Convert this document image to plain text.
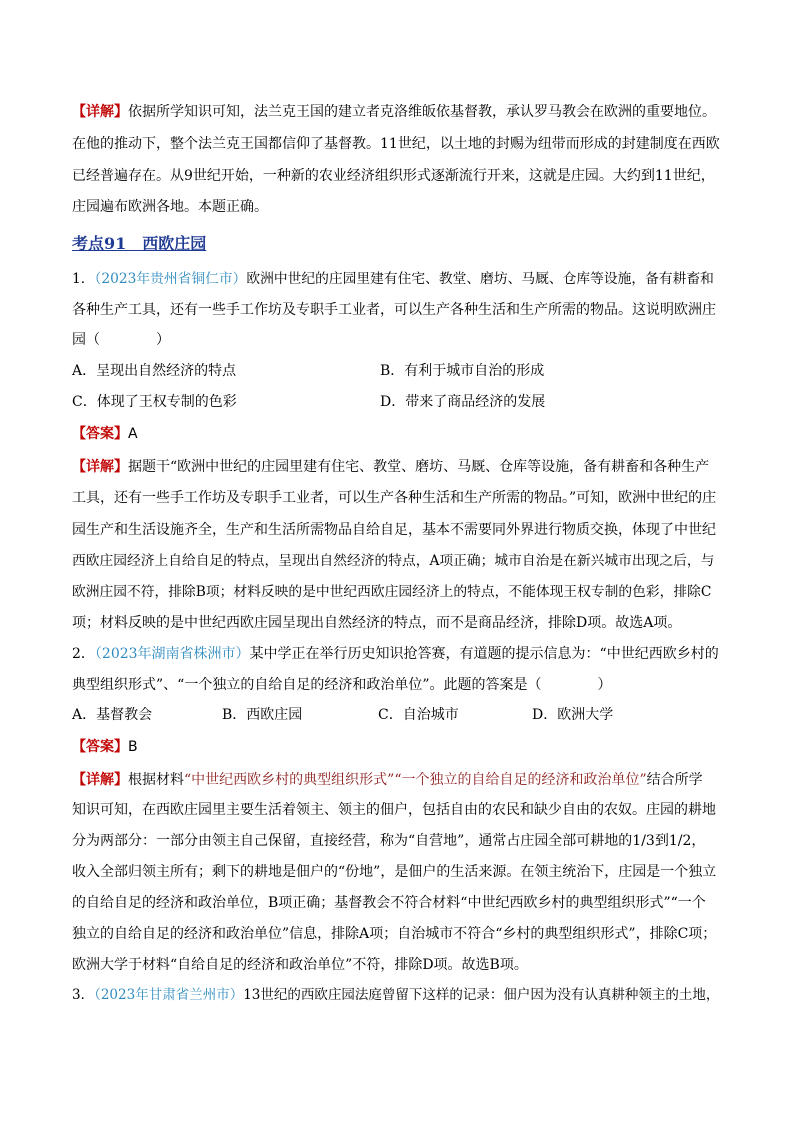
【详解】依据所学知识可知，法兰克王国的建立者克洛维皈依基督教，承认罗马教会在欧洲的重要地位。
在他的推动下，整个法兰克王国都信仰了基督教。11世纪，以土地的封赐为纽带而形成的封建制度在西欧
已经普遍存在。从9世纪开始，一种新的农业经济组织形式逐渐流行开来，这就是庄园。大约到11世纪，
庄园遍布欧洲各地。本题正确。
考点91　西欧庄园
1．（2023年贵州省铜仁市）欧洲中世纪的庄园里建有住宅、教堂、磨坊、马厩、仓库等设施，备有耕畜和
各种生产工具，还有一些手工作坊及专职手工业者，可以生产各种生活和生产所需的物品。这说明欧洲庄
园（　　　　）
A．呈现出自然经济的特点	B．有利于城市自治的形成
C．体现了王权专制的色彩	D．带来了商品经济的发展
【答案】A
【详解】据题干“欧洲中世纪的庄园里建有住宅、教堂、磨坊、马厩、仓库等设施，备有耕畜和各种生产
工具，还有一些手工作坊及专职手工业者，可以生产各种生活和生产所需的物品。”可知，欧洲中世纪的庄
园生产和生活设施齐全，生产和生活所需物品自给自足，基本不需要同外界进行物质交换，体现了中世纪
西欧庄园经济上自给自足的特点，呈现出自然经济的特点，A项正确；城市自治是在新兴城市出现之后，与
欧洲庄园不符，排除B项；材料反映的是中世纪西欧庄园经济上的特点，不能体现王权专制的色彩，排除C
项；材料反映的是中世纪西欧庄园呈现出自然经济的特点，而不是商品经济，排除D项。故选A项。
2．（2023年湖南省株洲市）某中学正在举行历史知识抢答赛，有道题的提示信息为：“中世纪西欧乡村的
典型组织形式”、“一个独立的自给自足的经济和政治单位”。此题的答案是（　　　　）
A．基督教会	B．西欧庄园	C．自治城市	D．欧洲大学
【答案】B
【详解】根据材料“中世纪西欧乡村的典型组织形式”“一个独立的自给自足的经济和政治单位”结合所学
知识可知，在西欧庄园里主要生活着领主、领主的佃户，包括自由的农民和缺少自由的农奴。庄园的耕地
分为两部分：一部分由领主自己保留，直接经营，称为“自营地”，通常占庄园全部可耕地的1/3到1/2，
收入全部归领主所有；剩下的耕地是佃户的“份地”，是佃户的生活来源。在领主统治下，庄园是一个独立
的自给自足的经济和政治单位，B项正确；基督教会不符合材料“中世纪西欧乡村的典型组织形式”“一个
独立的自给自足的经济和政治单位”信息，排除A项；自治城市不符合“乡村的典型组织形式”，排除C项；
欧洲大学于材料“自给自足的经济和政治单位”不符，排除D项。故选B项。
3．（2023年甘肃省兰州市）13世纪的西欧庄园法庭曾留下这样的记录：佃户因为没有认真耕种领主的土地，
